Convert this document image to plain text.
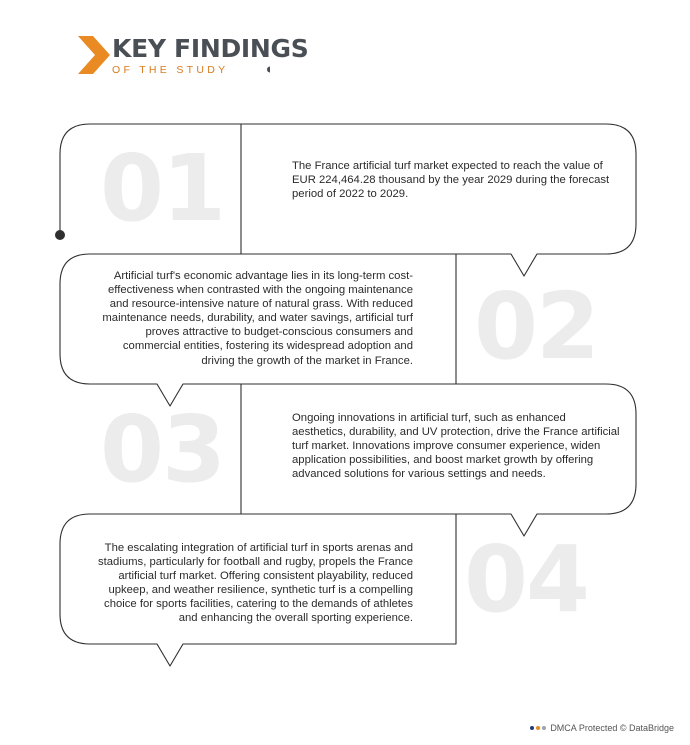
KEY FINDINGS
OF THE STUDY
01	The France artificial turf market expected to reach the value of EUR 224,464.28 thousand by the year 2029 during the forecast period of 2022 to 2029.
02
Artificial turf's economic advantage lies in its long-term cost-effectiveness when contrasted with the ongoing maintenance and resource-intensive nature of natural grass. With reduced maintenance needs, durability, and water savings, artificial turf proves attractive to budget-conscious consumers and commercial entities, fostering its widespread adoption and driving the growth of the market in France.
03	Ongoing innovations in artificial turf, such as enhanced aesthetics, durability, and UV protection, drive the France artificial turf market. Innovations improve consumer experience, widen application possibilities, and boost market growth by offering advanced solutions for various settings and needs.
04
The escalating integration of artificial turf in sports arenas and stadiums, particularly for football and rugby, propels the France artificial turf market. Offering consistent playability, reduced upkeep, and weather resilience, synthetic turf is a compelling choice for sports facilities, catering to the demands of athletes and enhancing the overall sporting experience.
DMCA Protected © DataBridge
